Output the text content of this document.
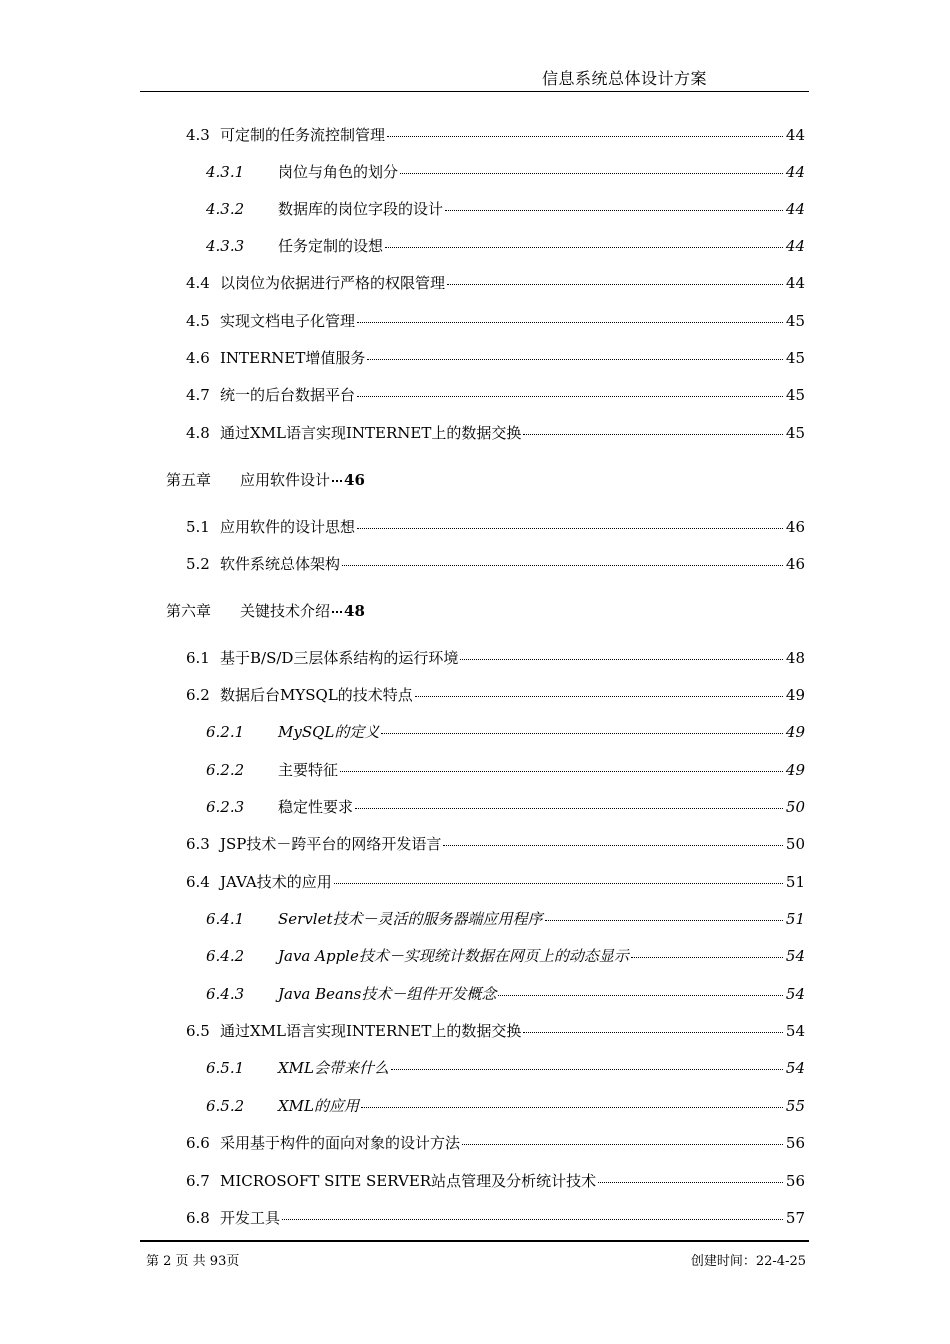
信息系统总体设计方案
4.3 可定制的任务流控制管理	44
4.3.1	岗位与角色的划分	44
4.3.2	数据库的岗位字段的设计	44
4.3.3	任务定制的设想	44
4.4 以岗位为依据进行严格的权限管理	44
4.5 实现文档电子化管理	45
4.6 INTERNET增值服务	45
4.7 统一的后台数据平台	45
4.8 通过XML语言实现INTERNET上的数据交换	45
第五章	应用软件设计 46
5.1 应用软件的设计思想	46
5.2 软件系统总体架构	46
第六章	关键技术介绍 48
6.1 基于B/S/D三层体系结构的运行环境	48
6.2 数据后台MYSQL的技术特点	49
6.2.1	MySQL的定义	49
6.2.2	主要特征	49
6.2.3	稳定性要求	50
6.3 JSP技术－跨平台的网络开发语言	50
6.4 JAVA技术的应用	51
6.4.1	Servlet技术－灵活的服务器端应用程序	51
6.4.2	Java Apple技术－实现统计数据在网页上的动态显示	54
6.4.3	Java Beans技术－组件开发概念	54
6.5 通过XML语言实现INTERNET上的数据交换	54
6.5.1	XML会带来什么	54
6.5.2	XML的应用	55
6.6 采用基于构件的面向对象的设计方法	56
6.7 MICROSOFT SITE SERVER站点管理及分析统计技术	56
6.8 开发工具	57
第 2 页 共 93页	创建时间：22-4-25
